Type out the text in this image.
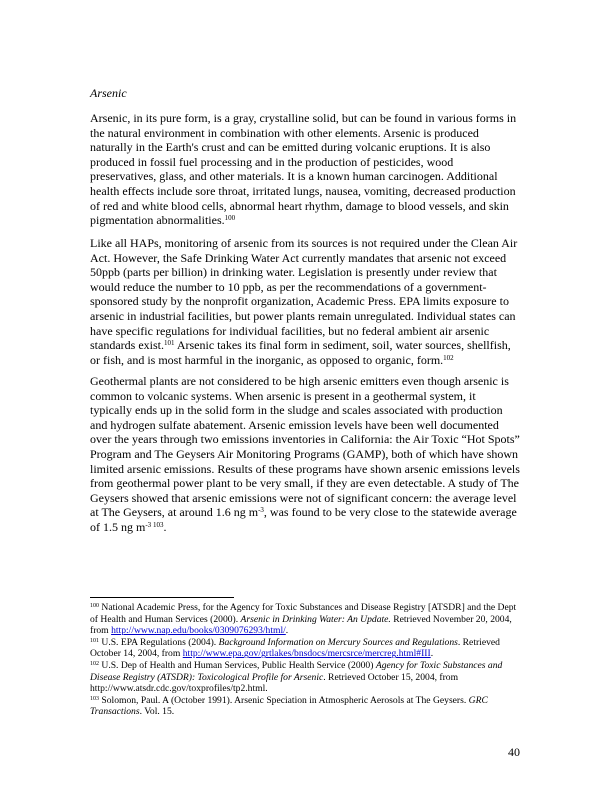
Arsenic

Arsenic, in its pure form, is a gray, crystalline solid, but can be found in various forms in the natural environment in combination with other elements. Arsenic is produced naturally in the Earth's crust and can be emitted during volcanic eruptions. It is also produced in fossil fuel processing and in the production of pesticides, wood preservatives, glass, and other materials. It is a known human carcinogen. Additional health effects include sore throat, irritated lungs, nausea, vomiting, decreased production of red and white blood cells, abnormal heart rhythm, damage to blood vessels, and skin pigmentation abnormalities.$^{100}$

Like all HAPs, monitoring of arsenic from its sources is not required under the Clean Air Act. However, the Safe Drinking Water Act currently mandates that arsenic not exceed 50ppb (parts per billion) in drinking water. Legislation is presently under review that would reduce the number to 10 ppb, as per the recommendations of a government-sponsored study by the nonprofit organization, Academic Press. EPA limits exposure to arsenic in industrial facilities, but power plants remain unregulated. Individual states can have specific regulations for individual facilities, but no federal ambient air arsenic standards exist.$^{101}$ Arsenic takes its final form in sediment, soil, water sources, shellfish, or fish, and is most harmful in the inorganic, as opposed to organic, form.$^{102}$

Geothermal plants are not considered to be high arsenic emitters even though arsenic is common to volcanic systems. When arsenic is present in a geothermal system, it typically ends up in the solid form in the sludge and scales associated with production and hydrogen sulfate abatement. Arsenic emission levels have been well documented over the years through two emissions inventories in California: the Air Toxic “Hot Spots” Program and The Geysers Air Monitoring Programs (GAMP), both of which have shown limited arsenic emissions. Results of these programs have shown arsenic emissions levels from geothermal power plant to be very small, if they are even detectable. A study of The Geysers showed that arsenic emissions were not of significant concern: the average level at The Geysers, at around 1.6 ng $m^{-3}$, was found to be very close to the statewide average of 1.5 ng $m^{-3}$ $^{103}$.

$^{100}$ National Academic Press, for the Agency for Toxic Substances and Disease Registry [ATSDR] and the Dept of Health and Human Services (2000). Arsenic in Drinking Water: An Update. Retrieved November 20, 2004, from http://www.nap.edu/books/0309076293/html/.

$^{101}$ U.S. EPA Regulations (2004). Background Information on Mercury Sources and Regulations. Retrieved October 14, 2004, from http://www.epa.gov/grtlakes/bnsdocs/mercsrce/mercreg.html#III.

$^{102}$ U.S. Dep of Health and Human Services, Public Health Service (2000) Agency for Toxic Substances and Disease Registry (ATSDR): Toxicological Profile for Arsenic. Retrieved October 15, 2004, from http://www.atsdr.cdc.gov/toxprofiles/tp2.html.

$^{103}$ Solomon, Paul. A (October 1991). Arsenic Speciation in Atmospheric Aerosols at The Geysers. GRC Transactions. Vol. 15.

40
